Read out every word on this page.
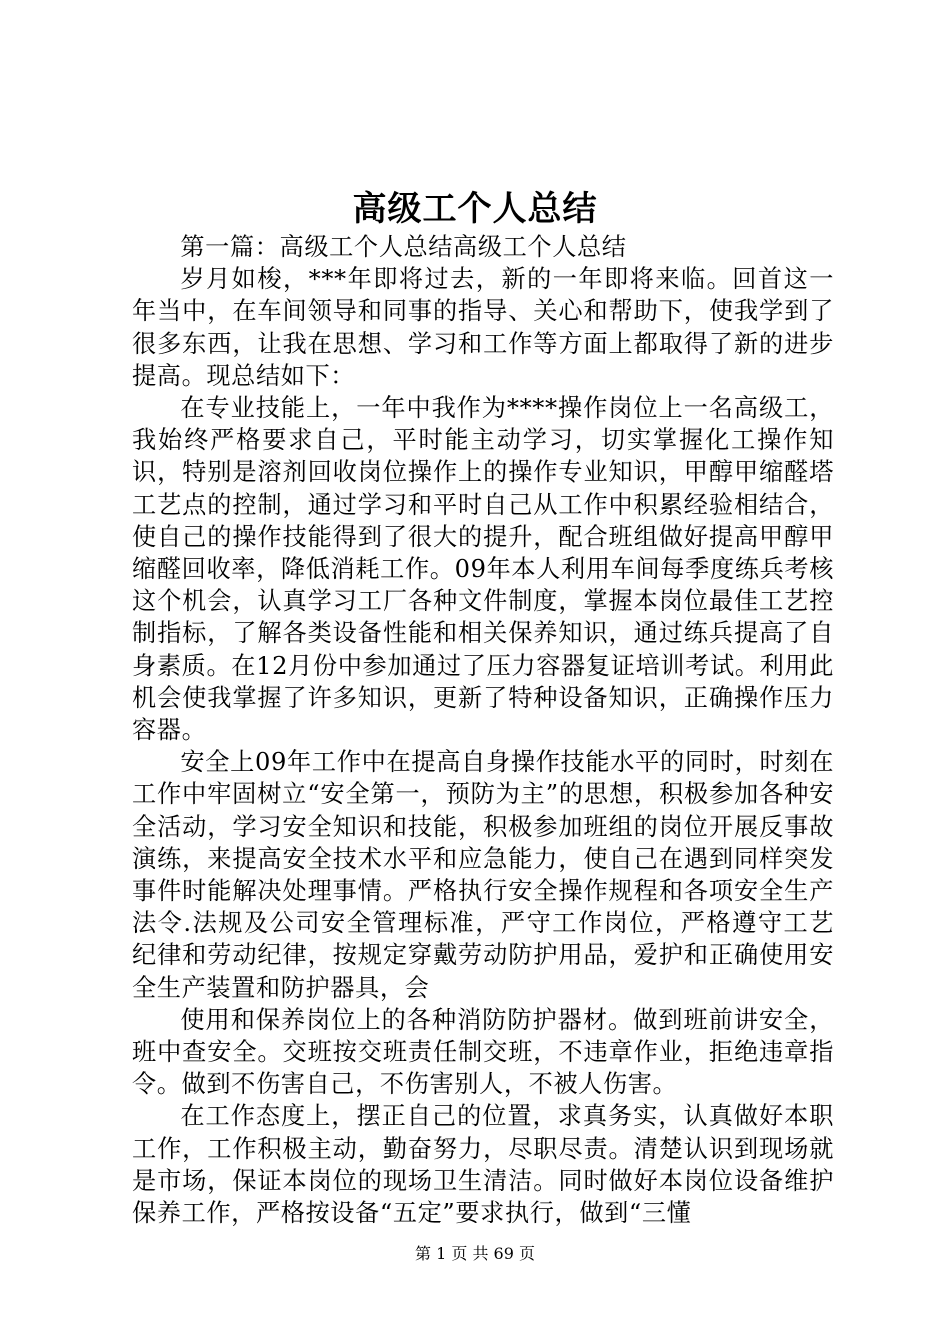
高级工个人总结

第一篇：高级工个人总结高级工个人总结

岁月如梭，***年即将过去，新的一年即将来临。回首这一年当中，在车间领导和同事的指导、关心和帮助下，使我学到了很多东西，让我在思想、学习和工作等方面上都取得了新的进步提高。现总结如下：

在专业技能上，一年中我作为****操作岗位上一名高级工，我始终严格要求自己，平时能主动学习，切实掌握化工操作知识，特别是溶剂回收岗位操作上的操作专业知识，甲醇甲缩醛塔工艺点的控制，通过学习和平时自己从工作中积累经验相结合，使自己的操作技能得到了很大的提升，配合班组做好提高甲醇甲缩醛回收率，降低消耗工作。09年本人利用车间每季度练兵考核这个机会，认真学习工厂各种文件制度，掌握本岗位最佳工艺控制指标，了解各类设备性能和相关保养知识，通过练兵提高了自身素质。在12月份中参加通过了压力容器复证培训考试。利用此机会使我掌握了许多知识，更新了特种设备知识，正确操作压力容器。

安全上09年工作中在提高自身操作技能水平的同时，时刻在工作中牢固树立“安全第一，预防为主”的思想，积极参加各种安全活动，学习安全知识和技能，积极参加班组的岗位开展反事故演练，来提高安全技术水平和应急能力，使自己在遇到同样突发事件时能解决处理事情。严格执行安全操作规程和各项安全生产法令.法规及公司安全管理标准，严守工作岗位，严格遵守工艺纪律和劳动纪律，按规定穿戴劳动防护用品，爱护和正确使用安全生产装置和防护器具，会

使用和保养岗位上的各种消防防护器材。做到班前讲安全，班中查安全。交班按交班责任制交班，不违章作业，拒绝违章指令。做到不伤害自己，不伤害别人，不被人伤害。

在工作态度上，摆正自己的位置，求真务实，认真做好本职工作，工作积极主动，勤奋努力，尽职尽责。清楚认识到现场就是市场，保证本岗位的现场卫生清洁。同时做好本岗位设备维护保养工作，严格按设备“五定”要求执行，做到“三懂

第 1 页 共 69 页
